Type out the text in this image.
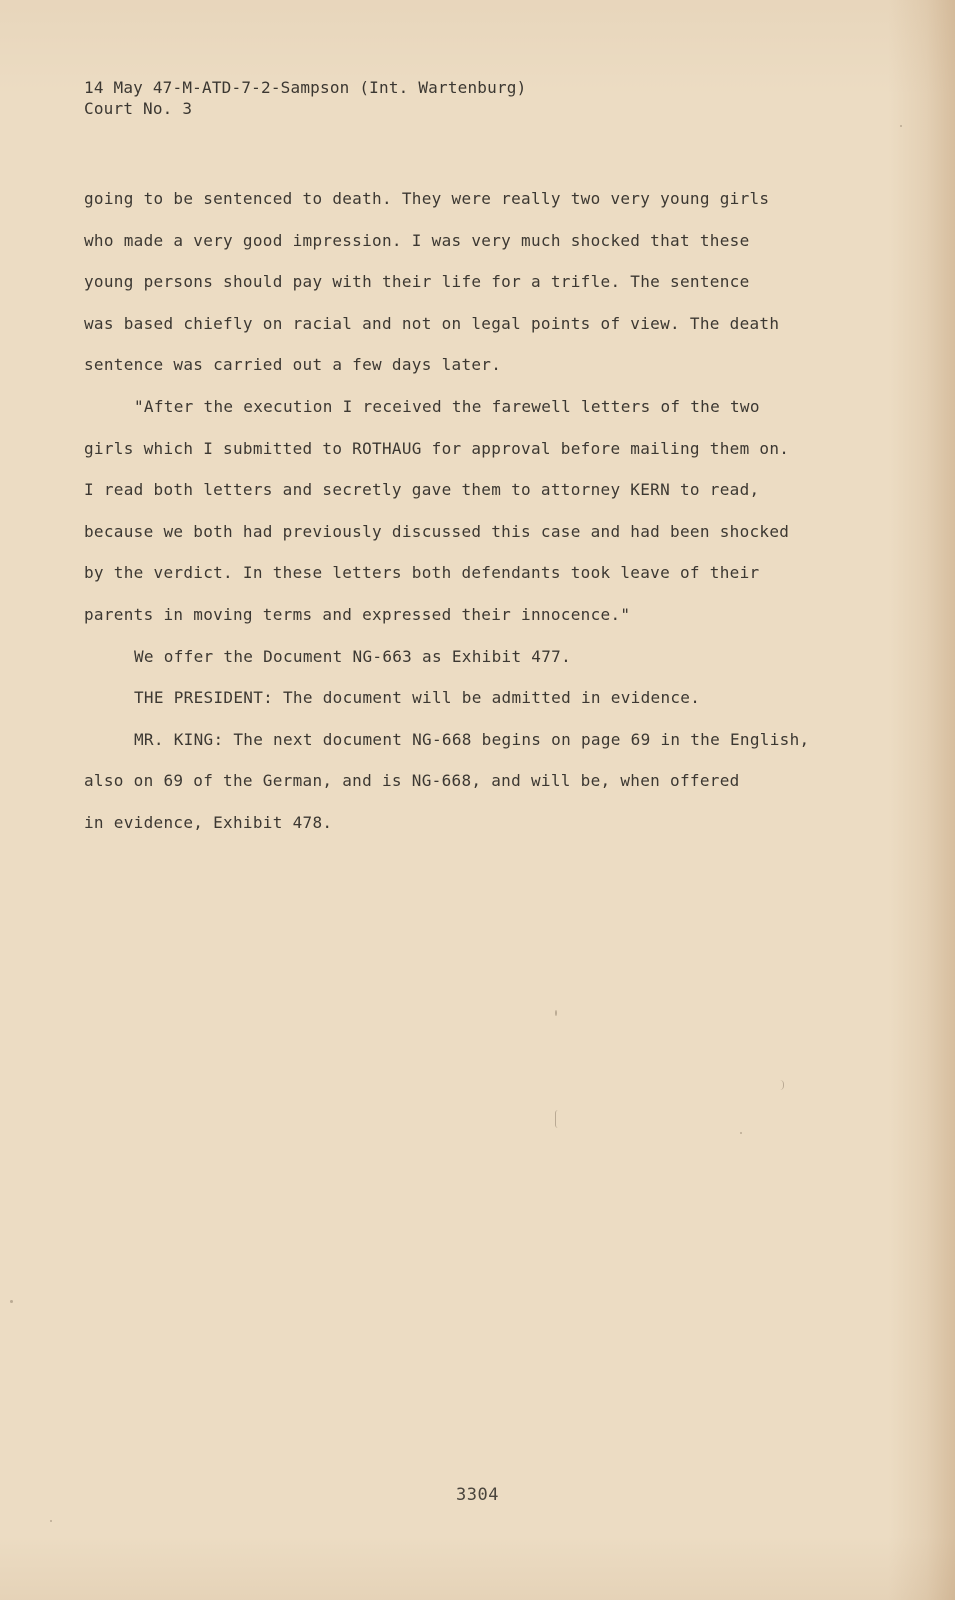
14 May 47-M-ATD-7-2-Sampson (Int. Wartenburg)
Court No. 3
going to be sentenced to death. They were really two very young girls
who made a very good impression. I was very much shocked that these
young persons should pay with their life for a trifle. The sentence
was based chiefly on racial and not on legal points of view. The death
sentence was carried out a few days later.
"After the execution I received the farewell letters of the two
girls which I submitted to ROTHAUG for approval before mailing them on.
I read both letters and secretly gave them to attorney KERN to read,
because we both had previously discussed this case and had been shocked
by the verdict. In these letters both defendants took leave of their
parents in moving terms and expressed their innocence."
We offer the Document NG-663 as Exhibit 477.
THE PRESIDENT: The document will be admitted in evidence.
MR. KING: The next document NG-668 begins on page 69 in the English,
also on 69 of the German, and is NG-668, and will be, when offered
in evidence, Exhibit 478.
3304
